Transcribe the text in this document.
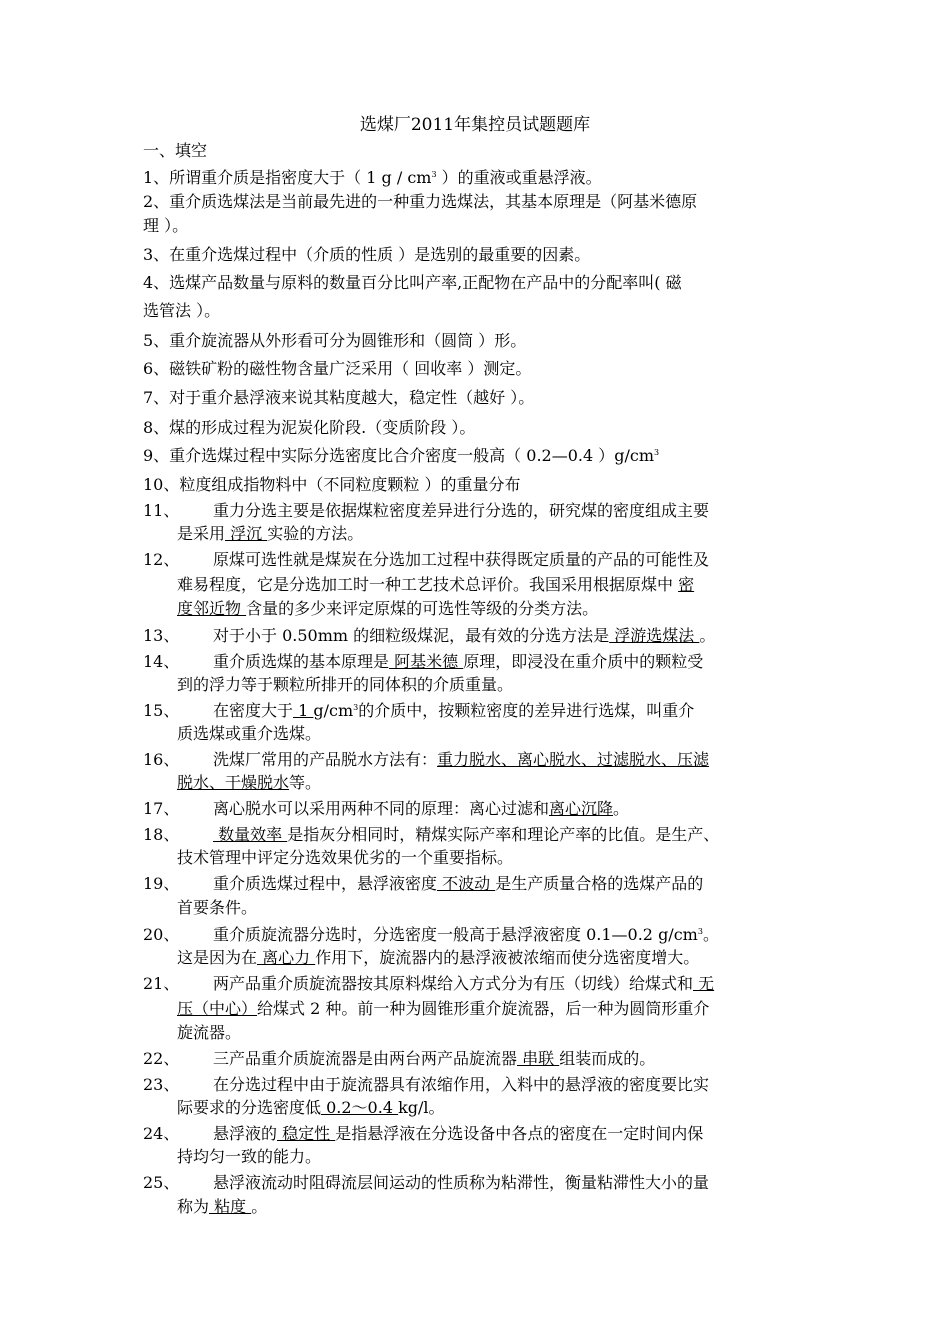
选煤厂2011年集控员试题题库
一、填空
1、所谓重介质是指密度大于（ 1 g / $cm^3$ ）的重液或重悬浮液。
2、重介质选煤法是当前最先进的一种重力选煤法，其基本原理是（阿基米德原
理 ）。
3、在重介选煤过程中（介质的性质 ）是选别的最重要的因素。
4、选煤产品数量与原料的数量百分比叫产率,正配物在产品中的分配率叫( 磁
选管法 ）。
5、重介旋流器从外形看可分为圆锥形和（圆筒 ）形。
6、磁铁矿粉的磁性物含量广泛采用（ 回收率 ）测定。
7、对于重介悬浮液来说其粘度越大，稳定性（越好 ）。
8、煤的形成过程为泥炭化阶段.（变质阶段 ）。
9、重介选煤过程中实际分选密度比合介密度一般高（ 0.2—0.4 ）$g/cm^3$
10、粒度组成指物料中（不同粒度颗粒 ）的重量分布
11、 重力分选主要是依据煤粒密度差异进行分选的，研究煤的密度组成主要
是采用 浮沉 实验的方法。
12、 原煤可选性就是煤炭在分选加工过程中获得既定质量的产品的可能性及
难易程度，它是分选加工时一种工艺技术总评价。我国采用根据原煤中 密
度邻近物 含量的多少来评定原煤的可选性等级的分类方法。
13、 对于小于 0.50mm 的细粒级煤泥，最有效的分选方法是 浮游选煤法 。
14、 重介质选煤的基本原理是 阿基米德 原理，即浸没在重介质中的颗粒受
到的浮力等于颗粒所排开的同体积的介质重量。
15、 在密度大于 1 $g/cm^3$的介质中，按颗粒密度的差异进行选煤，叫重介
质选煤或重介选煤。
16、 洗煤厂常用的产品脱水方法有：重力脱水、离心脱水、过滤脱水、压滤
脱水、干燥脱水等。
17、 离心脱水可以采用两种不同的原理：离心过滤和离心沉降。
18、 数量效率 是指灰分相同时，精煤实际产率和理论产率的比值。是生产、
技术管理中评定分选效果优劣的一个重要指标。
19、 重介质选煤过程中，悬浮液密度 不波动 是生产质量合格的选煤产品的
首要条件。
20、 重介质旋流器分选时，分选密度一般高于悬浮液密度 0.1—0.2 $g/cm^3$。
这是因为在 离心力 作用下，旋流器内的悬浮液被浓缩而使分选密度增大。
21、 两产品重介质旋流器按其原料煤给入方式分为有压（切线）给煤式和 无
压（中心）给煤式 2 种。前一种为圆锥形重介旋流器，后一种为圆筒形重介
旋流器。
22、 三产品重介质旋流器是由两台两产品旋流器 串联 组装而成的。
23、 在分选过程中由于旋流器具有浓缩作用，入料中的悬浮液的密度要比实
际要求的分选密度低 0.2～0.4 kg/l。
24、 悬浮液的 稳定性 是指悬浮液在分选设备中各点的密度在一定时间内保
持均匀一致的能力。
25、 悬浮液流动时阻碍流层间运动的性质称为粘滞性，衡量粘滞性大小的量
称为 粘度 。
